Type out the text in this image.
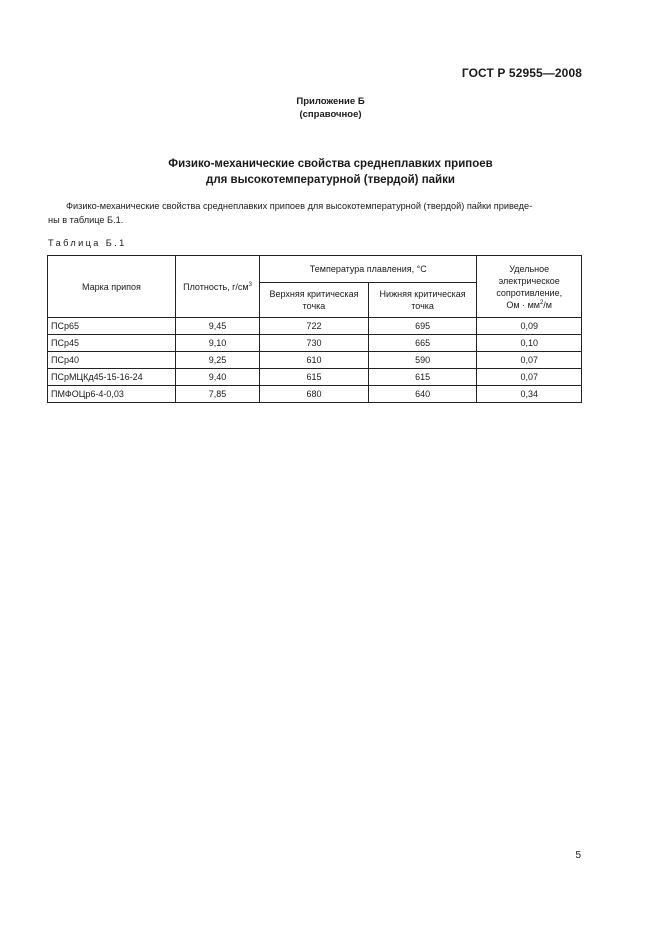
ГОСТ Р 52955—2008
Приложение Б
(справочное)
Физико-механические свойства среднеплавких припоев
для высокотемпературной (твердой) пайки
Физико-механические свойства среднеплавких припоев для высокотемпературной (твердой) пайки приведе-
ны в таблице Б.1.
Таблица Б.1
Марка припоя	Плотность, $г/см^3$	Температура плавления, °С		Удельное электрическое сопротивление,
Ом · $мм^2/м$
		Верхняя критическая точка	Нижняя критическая точка	
ПСр65	9,45	722	695	0,09
ПСр45	9,10	730	665	0,10
ПСр40	9,25	610	590	0,07
ПСрМЦКд45-15-16-24	9,40	615	615	0,07
ПМФОЦр6-4-0,03	7,85	680	640	0,34
5
